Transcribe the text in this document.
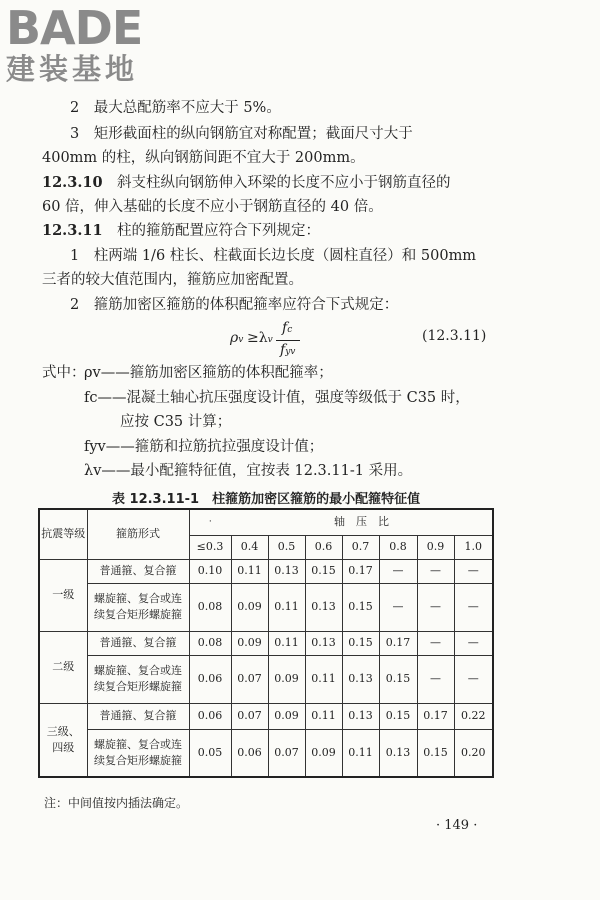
BADE
建装基地
2　最大总配筋率不应大于 5%。
3　矩形截面柱的纵向钢筋宜对称配置；截面尺寸大于
400mm 的柱，纵向钢筋间距不宜大于 200mm。
12.3.10　 斜支柱纵向钢筋伸入环梁的长度不应小于钢筋直径的
60 倍，伸入基础的长度不应小于钢筋直径的 40 倍。
12.3.11　 柱的箍筋配置应符合下列规定：
1　柱两端 1/6 柱长、柱截面长边长度（圆柱直径）和 500mm
三者的较大值范围内，箍筋应加密配置。
2　箍筋加密区箍筋的体积配箍率应符合下式规定：
ρv ≥λv
fc
fyv
(12.3.11)
式中：
ρv——箍筋加密区箍筋的体积配箍率；
fc——混凝土轴心抗压强度设计值，强度等级低于 C35 时，
应按 C35 计算；
fyv——箍筋和拉筋抗拉强度设计值；
λv——最小配箍特征值，宜按表 12.3.11-1 采用。
表 12.3.11-1　柱箍筋加密区箍筋的最小配箍特征值
抗震等级	箍筋形式	·	轴　压　比						
		≤0.3	0.4	0.5	0.6	0.7	0.8	0.9	1.0
一级	普通箍、复合箍	0.10	0.11	0.13	0.15	0.17	—	—	—
	螺旋箍、复合或连续复合矩形螺旋箍	0.08	0.09	0.11	0.13	0.15	—	—	—
二级	普通箍、复合箍	0.08	0.09	0.11	0.13	0.15	0.17	—	—
	螺旋箍、复合或连续复合矩形螺旋箍	0.06	0.07	0.09	0.11	0.13	0.15	—	—
三级、四级	普通箍、复合箍	0.06	0.07	0.09	0.11	0.13	0.15	0.17	0.22
	螺旋箍、复合或连续复合矩形螺旋箍	0.05	0.06	0.07	0.09	0.11	0.13	0.15	0.20
注：中间值按内插法确定。
· 149 ·
